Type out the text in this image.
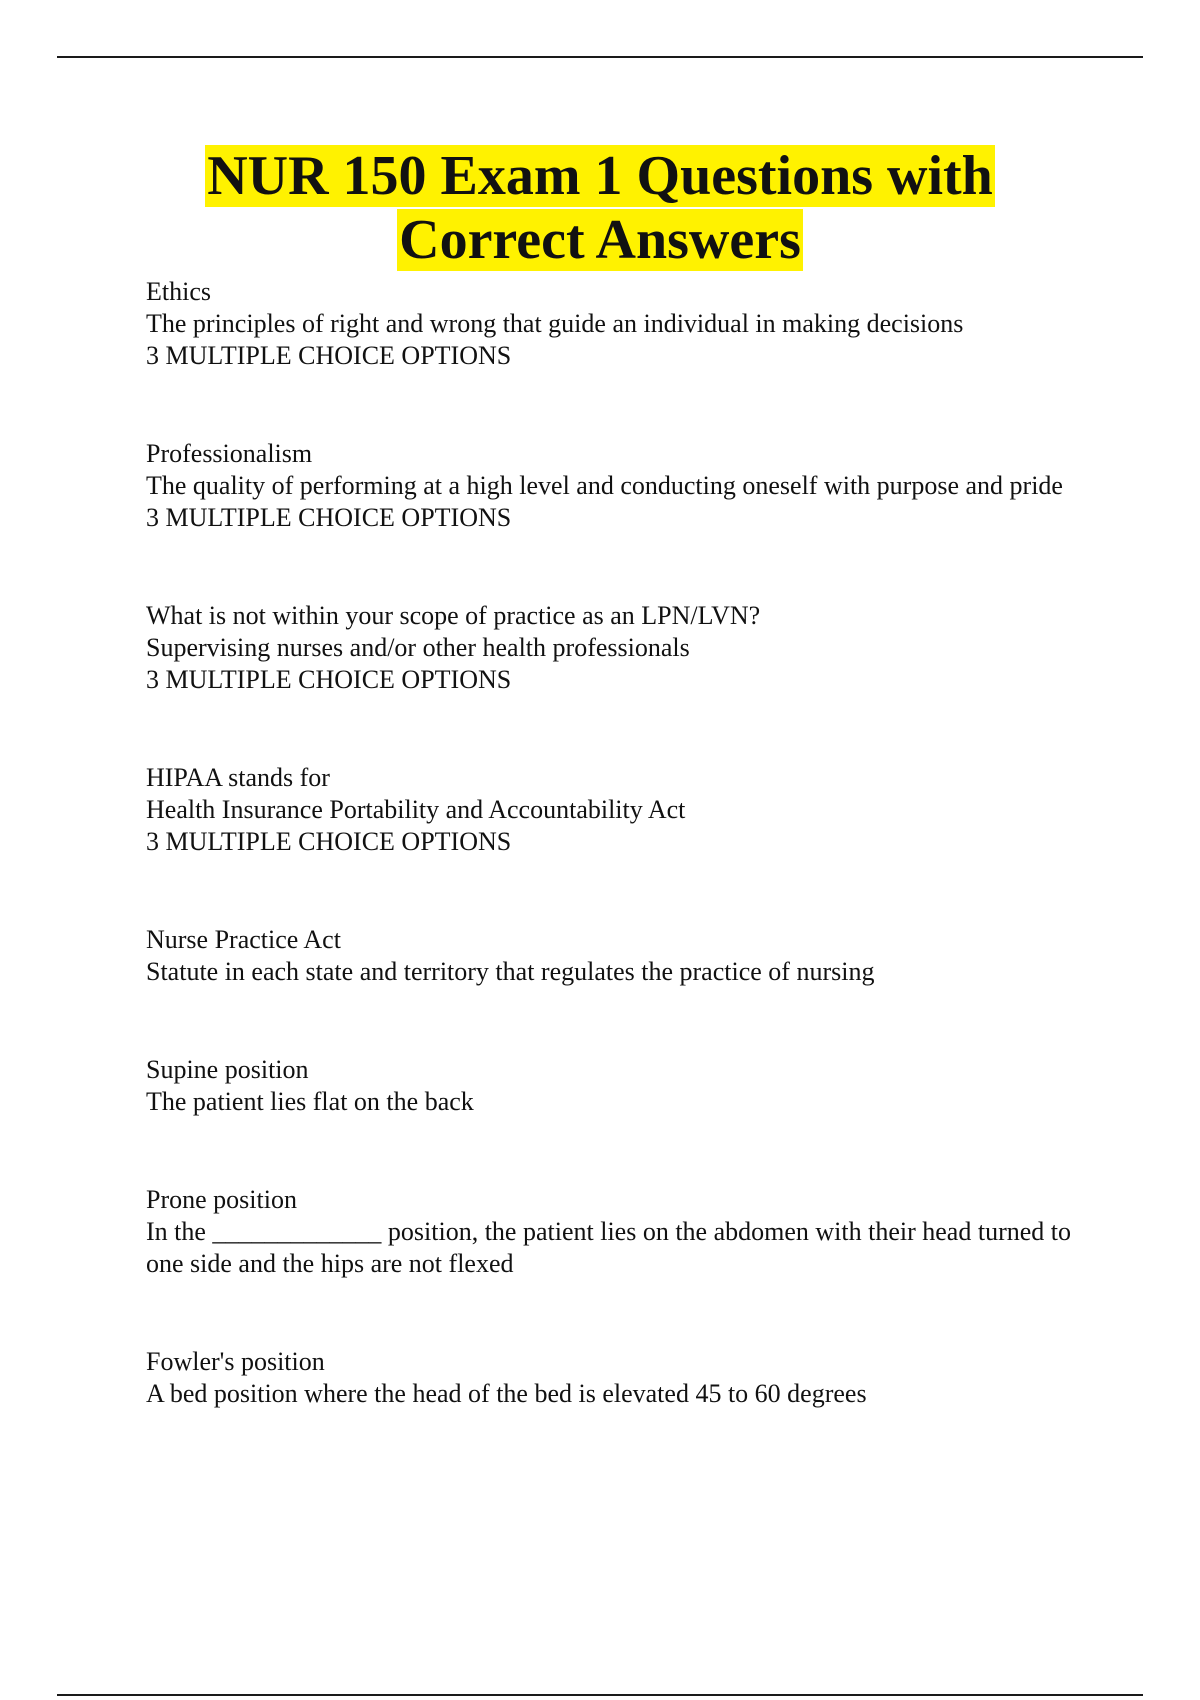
NUR 150 Exam 1 Questions with
Correct Answers

Ethics

The principles of right and wrong that guide an individual in making decisions

3 MULTIPLE CHOICE OPTIONS

Professionalism

The quality of performing at a high level and conducting oneself with purpose and pride

3 MULTIPLE CHOICE OPTIONS

What is not within your scope of practice as an LPN/LVN?

Supervising nurses and/or other health professionals

3 MULTIPLE CHOICE OPTIONS

HIPAA stands for

Health Insurance Portability and Accountability Act

3 MULTIPLE CHOICE OPTIONS

Nurse Practice Act

Statute in each state and territory that regulates the practice of nursing

Supine position

The patient lies flat on the back

Prone position

In the _____________ position, the patient lies on the abdomen with their head turned to one side and the hips are not flexed

Fowler's position

A bed position where the head of the bed is elevated 45 to 60 degrees
